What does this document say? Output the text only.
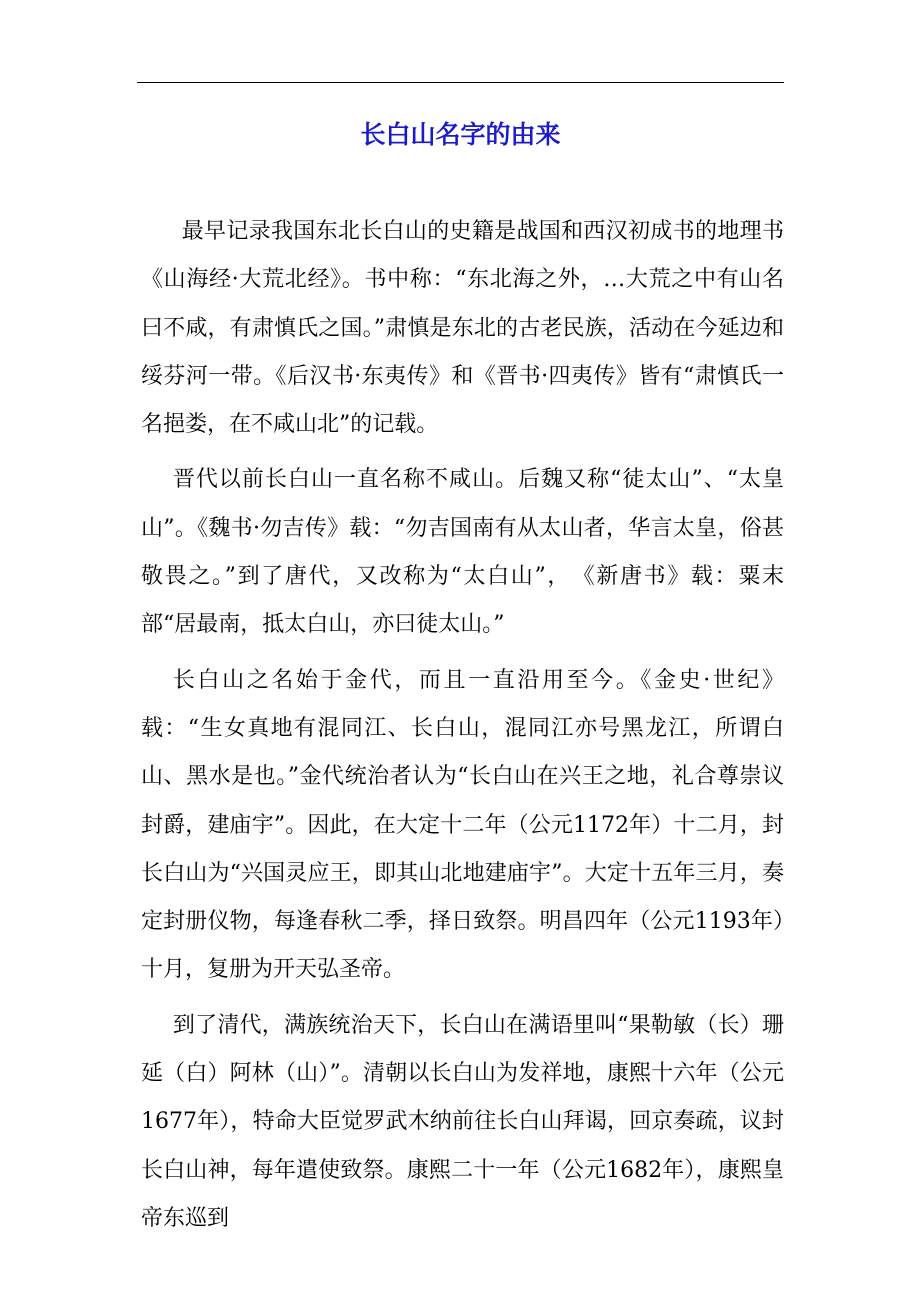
长白山名字的由来

最早记录我国东北长白山的史籍是战国和西汉初成书的地理书《山海经·大荒北经》。书中称：“东北海之外，…大荒之中有山名曰不咸，有肃慎氏之国。”肃慎是东北的古老民族，活动在今延边和绥芬河一带。《后汉书·东夷传》和《晋书·四夷传》皆有“肃慎氏一名挹娄，在不咸山北”的记载。

晋代以前长白山一直名称不咸山。后魏又称“徒太山”、“太皇山”。《魏书·勿吉传》载：“勿吉国南有从太山者，华言太皇，俗甚敬畏之。”到了唐代，又改称为“太白山”，　《新唐书》载：粟末部“居最南，抵太白山，亦曰徒太山。”

长白山之名始于金代，而且一直沿用至今。《金史·世纪》载：“生女真地有混同江、长白山，混同江亦号黑龙江，所谓白山、黑水是也。”金代统治者认为“长白山在兴王之地，礼合尊崇议封爵，建庙宇”。因此，在大定十二年（公元1172年）十二月，封长白山为“兴国灵应王，即其山北地建庙宇”。大定十五年三月，奏定封册仪物，每逢春秋二季，择日致祭。明昌四年（公元1193年）十月，复册为开天弘圣帝。

到了清代，满族统治天下，长白山在满语里叫“果勒敏（长）珊延（白）阿林（山）”。清朝以长白山为发祥地，康熙十六年（公元1677年），特命大臣觉罗武木纳前往长白山拜谒，回京奏疏，议封长白山神，每年遣使致祭。康熙二十一年（公元1682年），康熙皇帝东巡到
